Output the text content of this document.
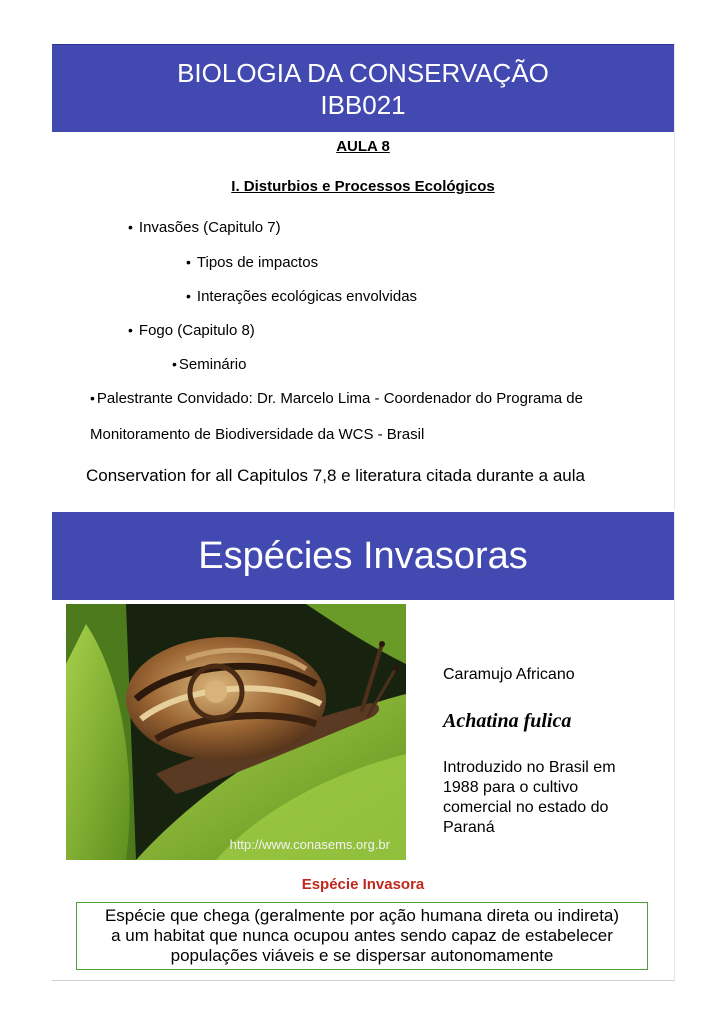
BIOLOGIA DA CONSERVAÇÃO
IBB021
AULA 8
I. Disturbios e Processos Ecológicos
• Invasões (Capitulo 7)
• Tipos de impactos
• Interações ecológicas envolvidas
• Fogo (Capitulo 8)
• Seminário
• Palestrante Convidado: Dr. Marcelo Lima - Coordenador do Programa de
Monitoramento de Biodiversidade da WCS - Brasil
Conservation for all Capitulos 7,8 e literatura citada durante a aula
Espécies Invasoras
http://www.conasems.org.br
Caramujo Africano
Achatina fulica
Introduzido no Brasil em 1988 para o cultivo comercial no estado do Paraná
Espécie Invasora
Espécie que chega (geralmente por ação humana direta ou indireta)
a um habitat que nunca ocupou antes sendo capaz de estabelecer
populações viáveis e se dispersar autonomamente
